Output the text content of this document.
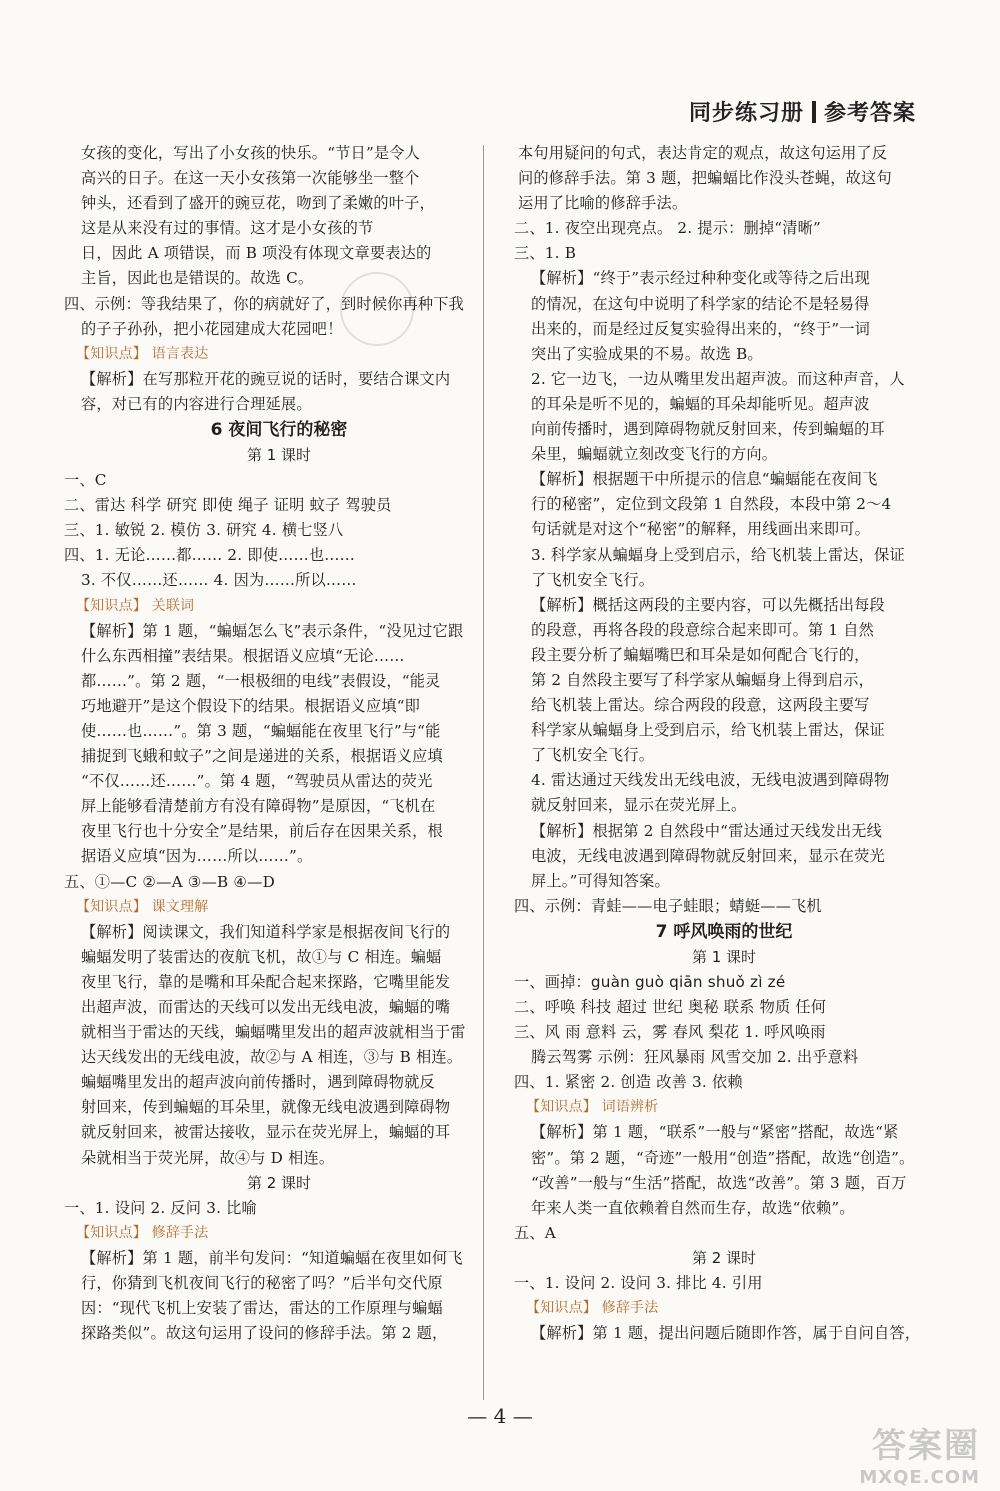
同步练习册 参考答案
女孩的变化，写出了小女孩的快乐。“节日”是令人
高兴的日子。在这一天小女孩第一次能够坐一整个
钟头，还看到了盛开的豌豆花，吻到了柔嫩的叶子，
这是从来没有过的事情。这才是小女孩的节
日，因此 A 项错误，而 B 项没有体现文章要表达的
主旨，因此也是错误的。故选 C。
四、示例：等我结果了，你的病就好了，到时候你再种下我
的子子孙孙，把小花园建成大花园吧！
【知识点】 语言表达
【解析】在写那粒开花的豌豆说的话时，要结合课文内
容，对已有的内容进行合理延展。
6 夜间飞行的秘密
第 1 课时
一、C
二、雷达 科学 研究 即使 绳子 证明 蚊子 驾驶员
三、1. 敏锐 2. 模仿 3. 研究 4. 横七竖八
四、1. 无论……都…… 2. 即使……也……
3. 不仅……还…… 4. 因为……所以……
【知识点】 关联词
【解析】第 1 题，“蝙蝠怎么飞”表示条件，“没见过它跟
什么东西相撞”表结果。根据语义应填“无论……
都……”。第 2 题，“一根极细的电线”表假设，“能灵
巧地避开”是这个假设下的结果。根据语义应填“即
使……也……”。第 3 题，“蝙蝠能在夜里飞行”与“能
捕捉到飞蛾和蚊子”之间是递进的关系，根据语义应填
“不仅……还……”。第 4 题，“驾驶员从雷达的荧光
屏上能够看清楚前方有没有障碍物”是原因，“飞机在
夜里飞行也十分安全”是结果，前后存在因果关系，根
据语义应填“因为……所以……”。
五、①—C ②—A ③—B ④—D
【知识点】 课文理解
【解析】阅读课文，我们知道科学家是根据夜间飞行的
蝙蝠发明了装雷达的夜航飞机，故①与 C 相连。蝙蝠
夜里飞行，靠的是嘴和耳朵配合起来探路，它嘴里能发
出超声波，而雷达的天线可以发出无线电波，蝙蝠的嘴
就相当于雷达的天线，蝙蝠嘴里发出的超声波就相当于雷
达天线发出的无线电波，故②与 A 相连，③与 B 相连。
蝙蝠嘴里发出的超声波向前传播时，遇到障碍物就反
射回来，传到蝙蝠的耳朵里，就像无线电波遇到障碍物
就反射回来，被雷达接收，显示在荧光屏上，蝙蝠的耳
朵就相当于荧光屏，故④与 D 相连。
第 2 课时
一、1. 设问 2. 反问 3. 比喻
【知识点】 修辞手法
【解析】第 1 题，前半句发问：“知道蝙蝠在夜里如何飞
行，你猜到飞机夜间飞行的秘密了吗？”后半句交代原
因：“现代飞机上安装了雷达，雷达的工作原理与蝙蝠
探路类似”。故这句运用了设问的修辞手法。第 2 题，
本句用疑问的句式，表达肯定的观点，故这句运用了反
问的修辞手法。第 3 题，把蝙蝠比作没头苍蝇，故这句
运用了比喻的修辞手法。
二、1. 夜空出现亮点。 2. 提示：删掉“清晰”
三、1. B
【解析】“终于”表示经过种种变化或等待之后出现
的情况，在这句中说明了科学家的结论不是轻易得
出来的，而是经过反复实验得出来的，“终于”一词
突出了实验成果的不易。故选 B。
2. 它一边飞，一边从嘴里发出超声波。而这种声音，人
的耳朵是听不见的，蝙蝠的耳朵却能听见。超声波
向前传播时，遇到障碍物就反射回来，传到蝙蝠的耳
朵里，蝙蝠就立刻改变飞行的方向。
【解析】根据题干中所提示的信息“蝙蝠能在夜间飞
行的秘密”，定位到文段第 1 自然段，本段中第 2～4
句话就是对这个“秘密”的解释，用线画出来即可。
3. 科学家从蝙蝠身上受到启示，给飞机装上雷达，保证
了飞机安全飞行。
【解析】概括这两段的主要内容，可以先概括出每段
的段意，再将各段的段意综合起来即可。第 1 自然
段主要分析了蝙蝠嘴巴和耳朵是如何配合飞行的，
第 2 自然段主要写了科学家从蝙蝠身上得到启示，
给飞机装上雷达。综合两段的段意，这两段主要写
科学家从蝙蝠身上受到启示，给飞机装上雷达，保证
了飞机安全飞行。
4. 雷达通过天线发出无线电波，无线电波遇到障碍物
就反射回来，显示在荧光屏上。
【解析】根据第 2 自然段中“雷达通过天线发出无线
电波，无线电波遇到障碍物就反射回来，显示在荧光
屏上。”可得知答案。
四、示例：青蛙——电子蛙眼；蜻蜓——飞机
7 呼风唤雨的世纪
第 1 课时
一、画掉：guàn guò qiān shuǒ zì zé
二、呼唤 科技 超过 世纪 奥秘 联系 物质 任何
三、风 雨 意料 云，雾 春风 梨花 1. 呼风唤雨
腾云驾雾 示例：狂风暴雨 风雪交加 2. 出乎意料
四、1. 紧密 2. 创造 改善 3. 依赖
【知识点】 词语辨析
【解析】第 1 题，“联系”一般与“紧密”搭配，故选“紧
密”。第 2 题，“奇迹”一般用“创造”搭配，故选“创造”。
“改善”一般与“生活”搭配，故选“改善”。第 3 题，百万
年来人类一直依赖着自然而生存，故选“依赖”。
五、A
第 2 课时
一、1. 设问 2. 设问 3. 排比 4. 引用
【知识点】 修辞手法
【解析】第 1 题，提出问题后随即作答，属于自问自答，
— 4 —
答案圈
MXQE.COM
